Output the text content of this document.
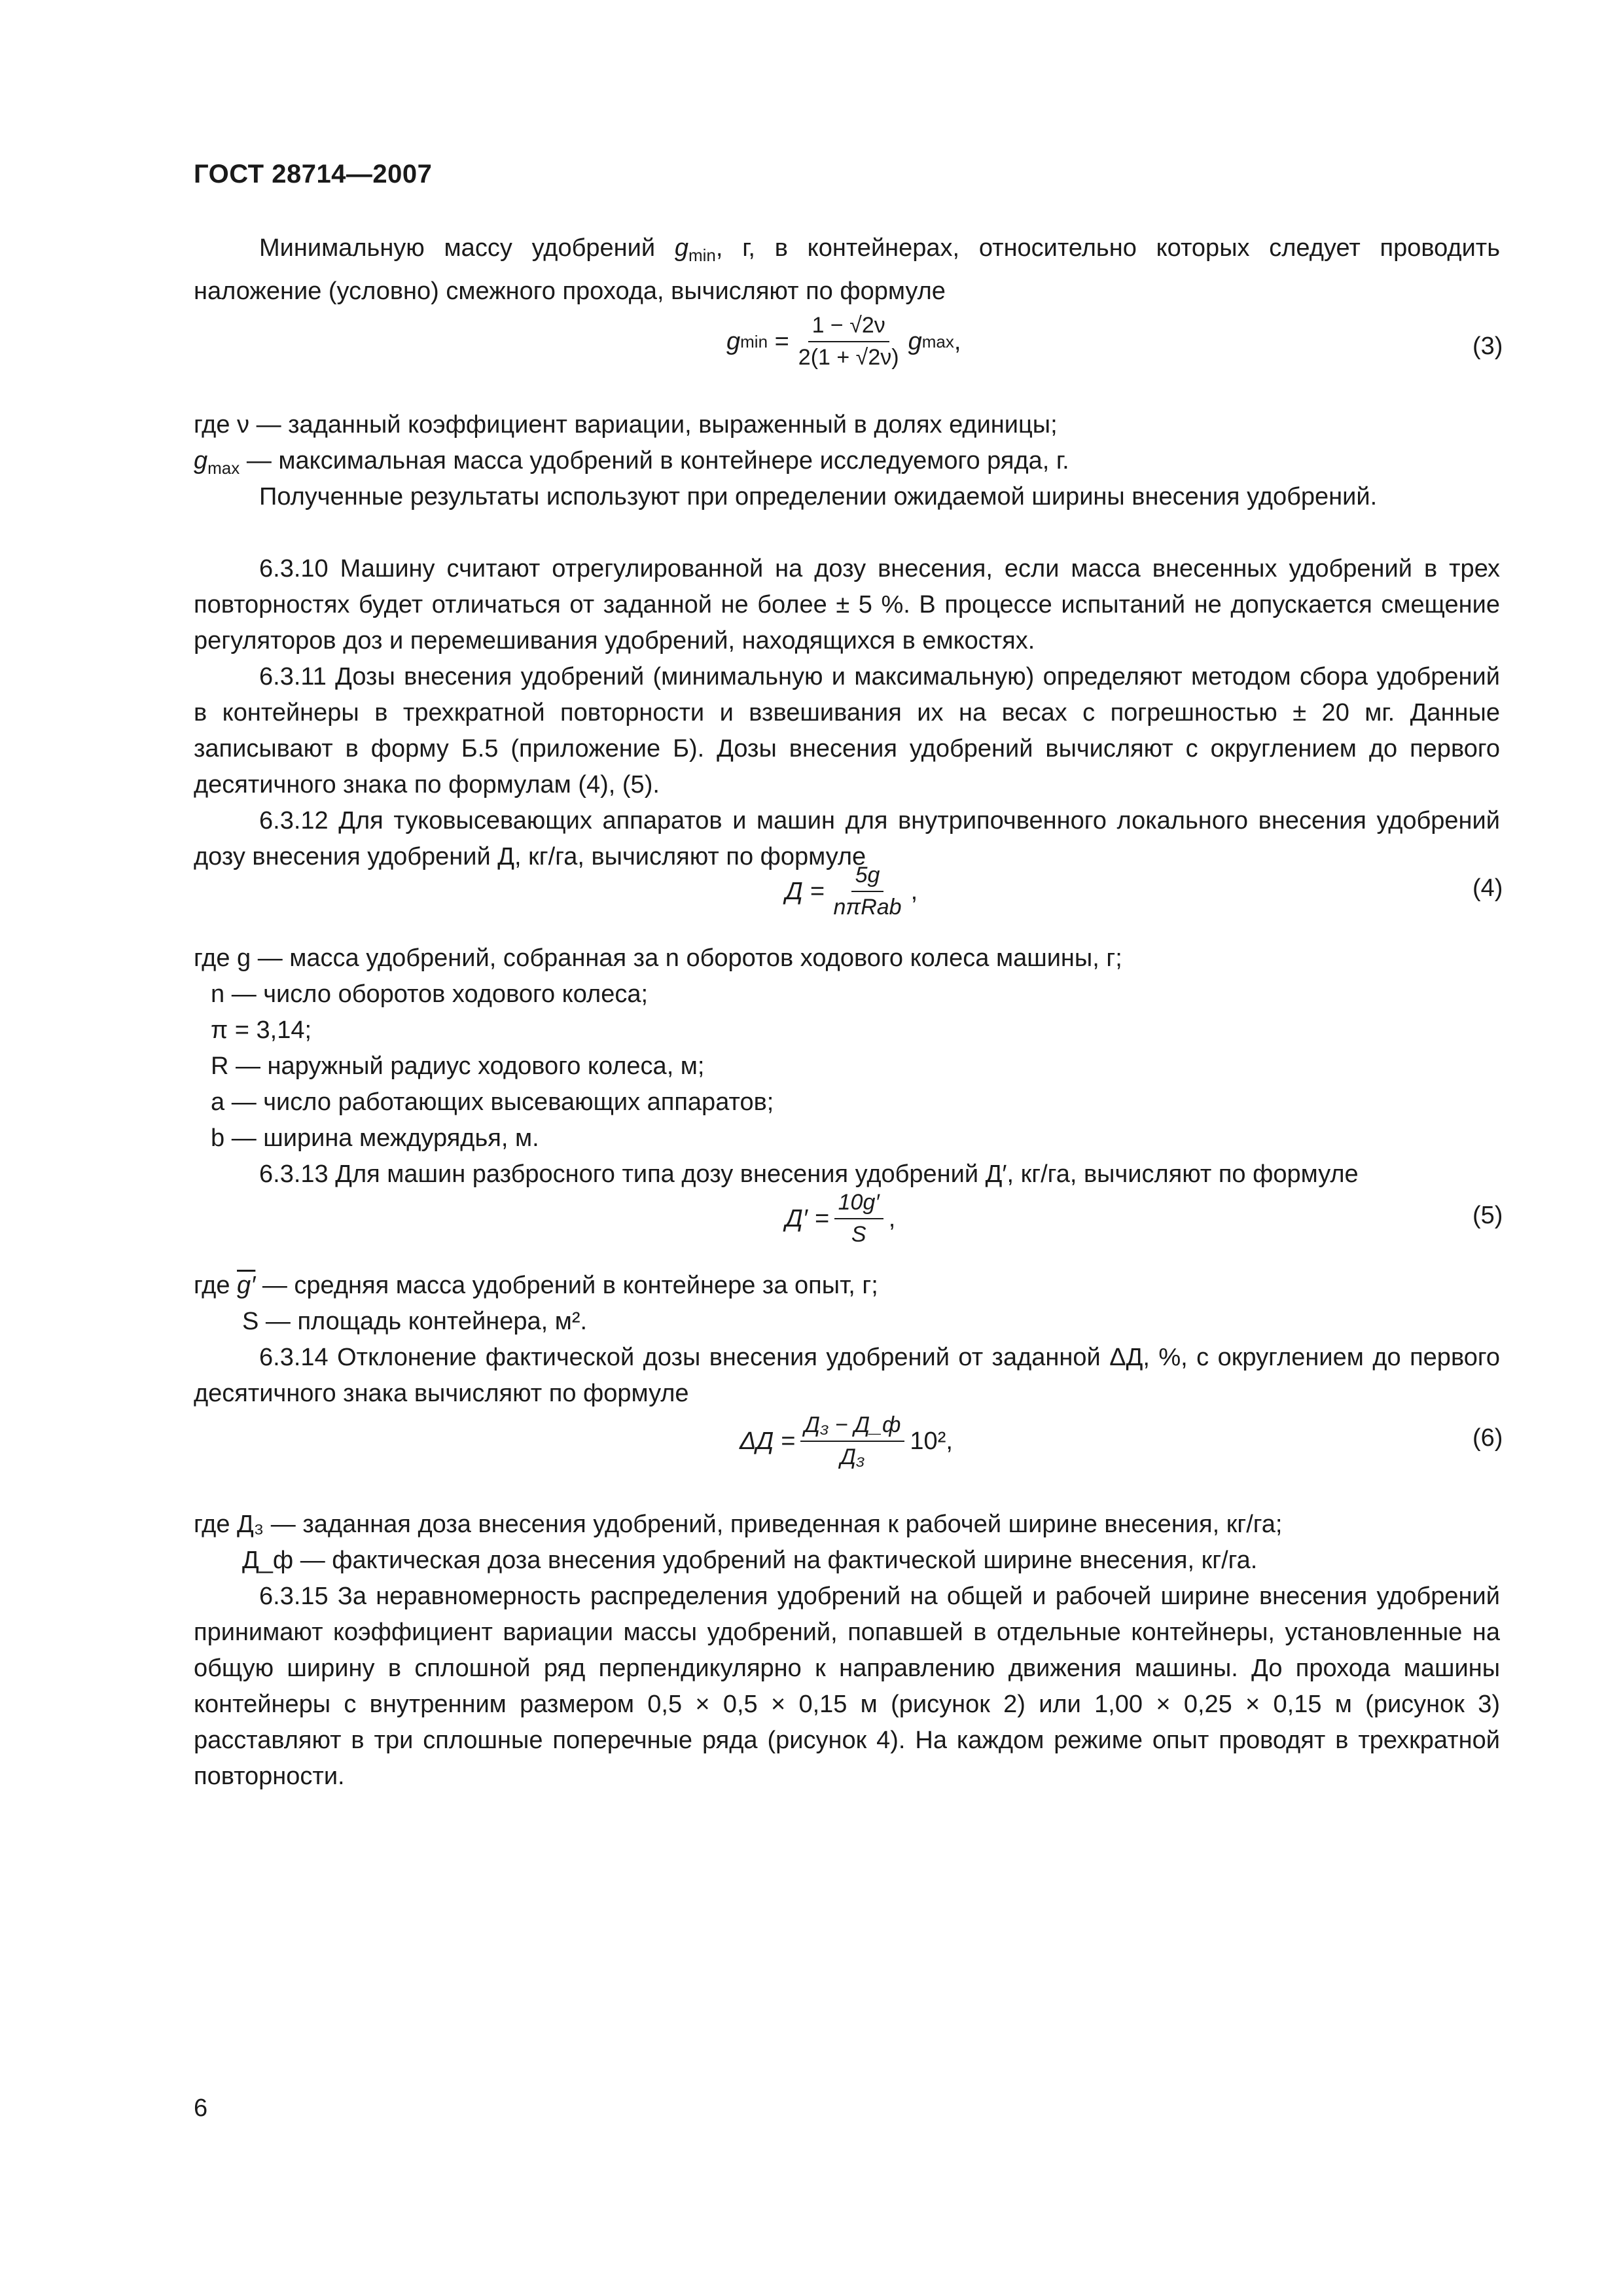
ГОСТ 28714—2007
Минимальную массу удобрений $g_{min}$, г, в контейнерах, относительно которых следует проводить наложение (условно) смежного прохода, вычисляют по формуле
g $\min = \frac{1 - √2\nu}{2(1 + √2\nu)}$ g max ,	(3)
где ν — заданный коэффициент вариации, выраженный в долях единицы;
$g_{max}$ — максимальная масса удобрений в контейнере исследуемого ряда, г.
Полученные результаты используют при определении ожидаемой ширины внесения удобрений.
6.3.10 Машину считают отрегулированной на дозу внесения, если масса внесенных удобрений в трех повторностях будет отличаться от заданной не более ± 5 %. В процессе испытаний не допускается смещение регуляторов доз и перемешивания удобрений, находящихся в емкостях.
6.3.11 Дозы внесения удобрений (минимальную и максимальную) определяют методом сбора удобрений в контейнеры в трехкратной повторности и взвешивания их на весах с погрешностью ± 20 мг. Данные записывают в форму Б.5 (приложение Б). Дозы внесения удобрений вычисляют с округлением до первого десятичного знака по формулам (4), (5).
6.3.12 Для туковысевающих аппаратов и машин для внутрипочвенного локального внесения удобрений дозу внесения удобрений Д, кг/га, вычисляют по формуле
$Д = \frac{5g}{\text{nπRab}}$ ,	(4)
где g — масса удобрений, собранная за n оборотов ходового колеса машины, г;
n — число оборотов ходового колеса;
π = 3,14;
R — наружный радиус ходового колеса, м;
a — число работающих высевающих аппаратов;
b — ширина междурядья, м.
6.3.13 Для машин разбросного типа дозу внесения удобрений Д′, кг/га, вычисляют по формуле
$Д' = \frac{10g'}{S}$ ,	(5)
где g′ — средняя масса удобрений в контейнере за опыт, г;
S — площадь контейнера, м².
6.3.14 Отклонение фактической дозы внесения удобрений от заданной ΔД, %, с округлением до первого десятичного знака вычисляют по формуле
$\Delta Д = \frac{\text{Д₃ − Д\_ф}}{\text{Д₃}} 10^2$,	(6)
где Д₃ — заданная доза внесения удобрений, приведенная к рабочей ширине внесения, кг/га;
Д_ф — фактическая доза внесения удобрений на фактической ширине внесения, кг/га.
6.3.15 За неравномерность распределения удобрений на общей и рабочей ширине внесения удобрений принимают коэффициент вариации массы удобрений, попавшей в отдельные контейнеры, установленные на общую ширину в сплошной ряд перпендикулярно к направлению движения машины. До прохода машины контейнеры с внутренним размером 0,5 × 0,5 × 0,15 м (рисунок 2) или 1,00 × 0,25 × 0,15 м (рисунок 3) расставляют в три сплошные поперечные ряда (рисунок 4). На каждом режиме опыт проводят в трехкратной повторности.
6
